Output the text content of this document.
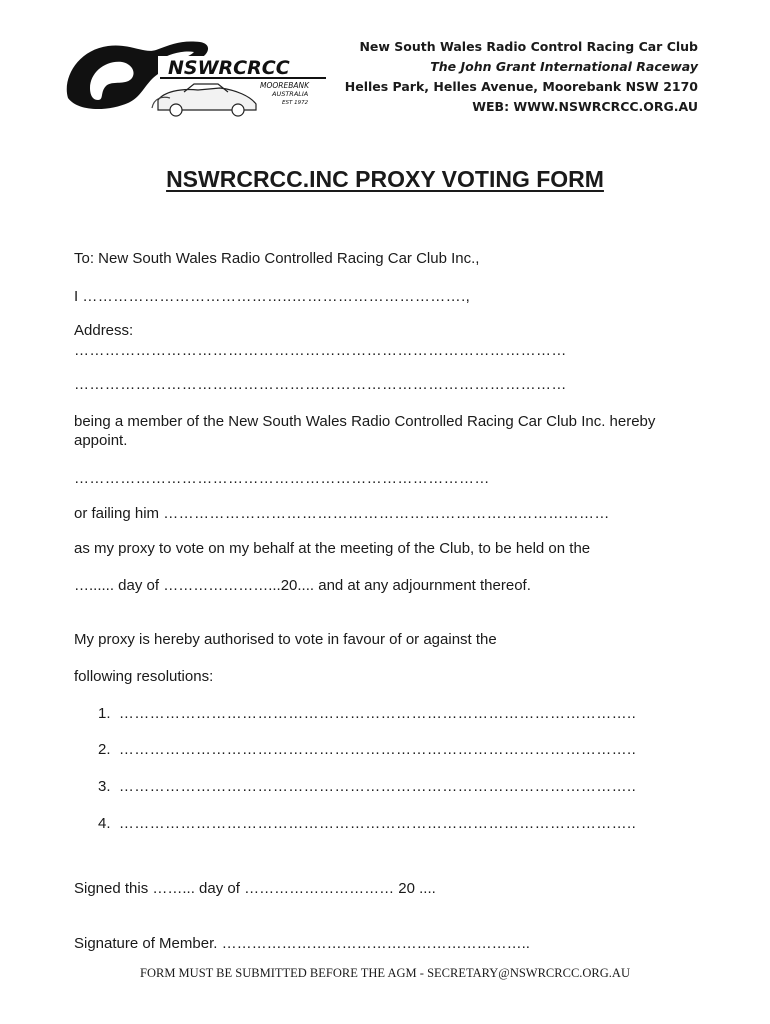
NSWRCRCC
MOOREBANK
AUSTRALIA
EST 1972
New South Wales Radio Control Racing Car Club
The John Grant International Raceway
Helles Park, Helles Avenue, Moorebank NSW 2170
WEB: WWW.NSWRCRCC.ORG.AU
NSWRCRCC.INC PROXY VOTING FORM
To: New South Wales Radio Controlled Racing Car Club Inc.,
I …………………………………..…………………………….,
Address:
……………………………………………………………………………………
……………………………………………………………………………………
being a member of the New South Wales Radio Controlled Racing Car Club Inc. hereby appoint.
………………………………………………………………………
or failing him ……………………………………………………………………………
as my proxy to vote on my behalf at the meeting of the Club, to be held on the
…...... day of …………………...20.... and at any adjournment thereof.
My proxy is hereby authorised to vote in favour of or against the
following resolutions:
1. ………………………………………………………………………………………..
2. ………………………………………………………………………………………..
3. ………………………………………………………………………………………..
4. ………………………………………………………………………………………..
Signed this ……... day of ………………………… 20 ....
Signature of Member. ……………………………………………………..
FORM MUST BE SUBMITTED BEFORE THE AGM - SECRETARY@NSWRCRCC.ORG.AU
